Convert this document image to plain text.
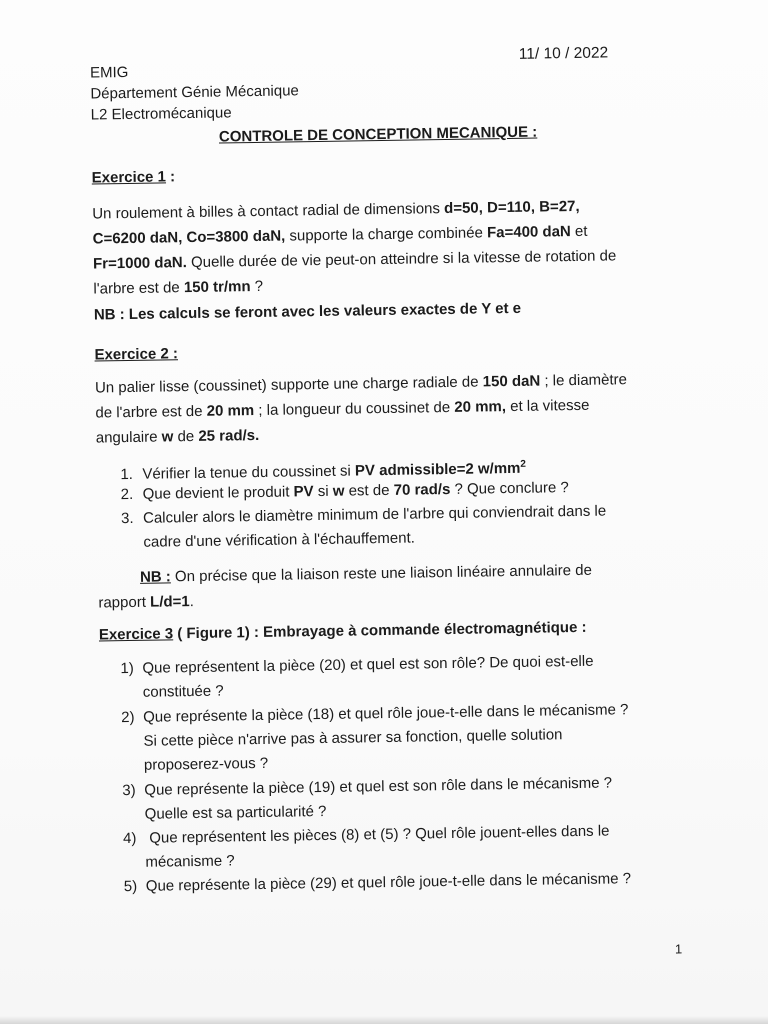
11/ 10 / 2022
EMIG
Département Génie Mécanique
L2 Electromécanique
CONTROLE DE CONCEPTION MECANIQUE :
Exercice 1 :
Un roulement à billes à contact radial de dimensions d=50, D=110, B=27,
C=6200 daN, Co=3800 daN, supporte la charge combinée Fa=400 daN et
Fr=1000 daN. Quelle durée de vie peut-on atteindre si la vitesse de rotation de
l'arbre est de 150 tr/mn ?
NB : Les calculs se feront avec les valeurs exactes de Y et e
Exercice 2 :
Un palier lisse (coussinet) supporte une charge radiale de 150 daN ; le diamètre
de l'arbre est de 20 mm ; la longueur du coussinet de 20 mm, et la vitesse
angulaire w de 25 rad/s.
1. Vérifier la tenue du coussinet si PV admissible=2 $w/mm^2$
2. Que devient le produit PV si w est de 70 rad/s ? Que conclure ?
3. Calculer alors le diamètre minimum de l'arbre qui conviendrait dans le
cadre d'une vérification à l'échauffement.
NB : On précise que la liaison reste une liaison linéaire annulaire de
rapport L/d=1.
Exercice 3 ( Figure 1) : Embrayage à commande électromagnétique :
1) Que représentent la pièce (20) et quel est son rôle? De quoi est-elle
constituée ?
2) Que représente la pièce (18) et quel rôle joue-t-elle dans le mécanisme ?
Si cette pièce n'arrive pas à assurer sa fonction, quelle solution
proposerez-vous ?
3) Que représente la pièce (19) et quel est son rôle dans le mécanisme ?
Quelle est sa particularité ?
4) Que représentent les pièces (8) et (5) ? Quel rôle jouent-elles dans le
mécanisme ?
5) Que représente la pièce (29) et quel rôle joue-t-elle dans le mécanisme ?
1
